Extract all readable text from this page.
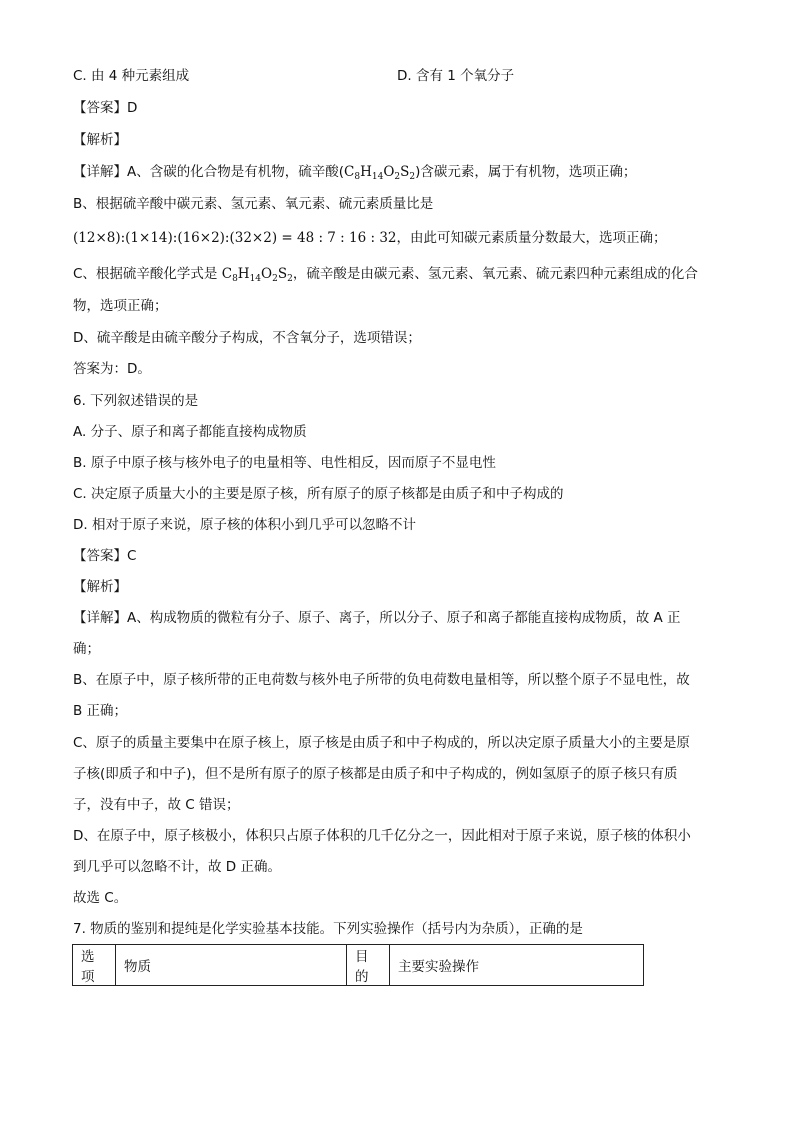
C. 由 4 种元素组成	D. 含有 1 个氧分子
【答案】D
【解析】
【详解】A、含碳的化合物是有机物，硫辛酸$(C_8H_{14}O_2S_2)$含碳元素，属于有机物，选项正确；
B、根据硫辛酸中碳元素、氢元素、氧元素、硫元素质量比是
(12×8):(1×14):(16×2):(32×2) = 48 : 7 : 16 : 32，由此可知碳元素质量分数最大，选项正确；
C、根据硫辛酸化学式是 $C_8H_{14}O_2S_2$，硫辛酸是由碳元素、氢元素、氧元素、硫元素四种元素组成的化合
物，选项正确；
D、硫辛酸是由硫辛酸分子构成，不含氧分子，选项错误；
答案为：D。
6. 下列叙述错误的是
A. 分子、原子和离子都能直接构成物质
B. 原子中原子核与核外电子的电量相等、电性相反，因而原子不显电性
C. 决定原子质量大小的主要是原子核，所有原子的原子核都是由质子和中子构成的
D. 相对于原子来说，原子核的体积小到几乎可以忽略不计
【答案】C
【解析】
【详解】A、构成物质的微粒有分子、原子、离子，所以分子、原子和离子都能直接构成物质，故 A 正
确；
B、在原子中，原子核所带的正电荷数与核外电子所带的负电荷数电量相等，所以整个原子不显电性，故
B 正确；
C、原子的质量主要集中在原子核上，原子核是由质子和中子构成的，所以决定原子质量大小的主要是原
子核(即质子和中子)，但不是所有原子的原子核都是由质子和中子构成的，例如氢原子的原子核只有质
子，没有中子，故 C 错误；
D、在原子中，原子核极小，体积只占原子体积的几千亿分之一，因此相对于原子来说，原子核的体积小
到几乎可以忽略不计，故 D 正确。
故选 C。
7. 物质的鉴别和提纯是化学实验基本技能。下列实验操作（括号内为杂质），正确的是
选项	物质	目的	主要实验操作
